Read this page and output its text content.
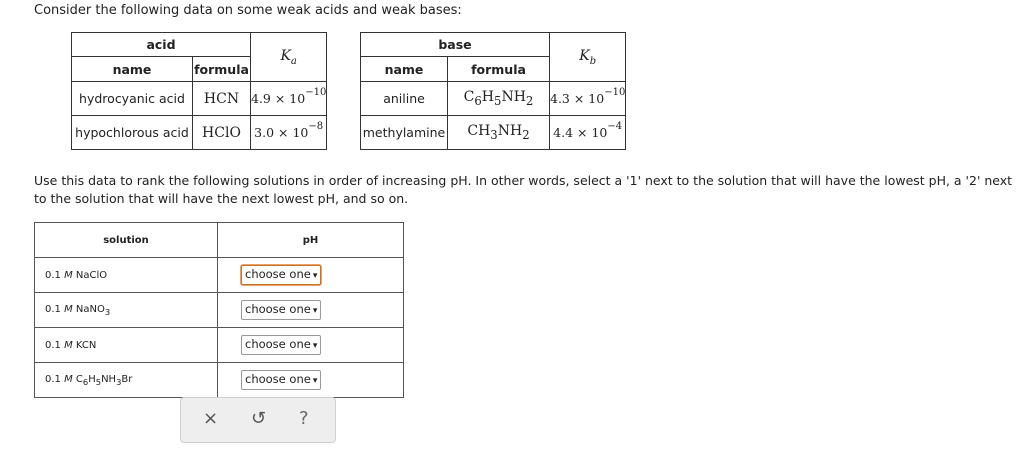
Consider the following data on some weak acids and weak bases:
acid		$K_a$
name	formula	
hydrocyanic acid	HCN	$4.9 \times 10^{-10}$
hypochlorous acid	HClO	$3.0 \times 10^{-8}$
base		$K_b$
name	formula	
aniline	$C_6H_5NH_2$	$4.3 \times 10^{-10}$
methylamine	$CH_3NH_2$	$4.4 \times 10^{-4}$
Use this data to rank the following solutions in order of increasing pH. In other words, select a '1' next to the solution that will have the lowest pH, a '2' next to the solution that will have the next lowest pH, and so on.
solution	pH
0.1 M NaClO	choose one ▾
0.1 M NaNO$_3$	choose one ▾
0.1 M KCN	choose one ▾
0.1 M $C_6H_5NH_3Br$	choose one ▾
× ↺ ?
